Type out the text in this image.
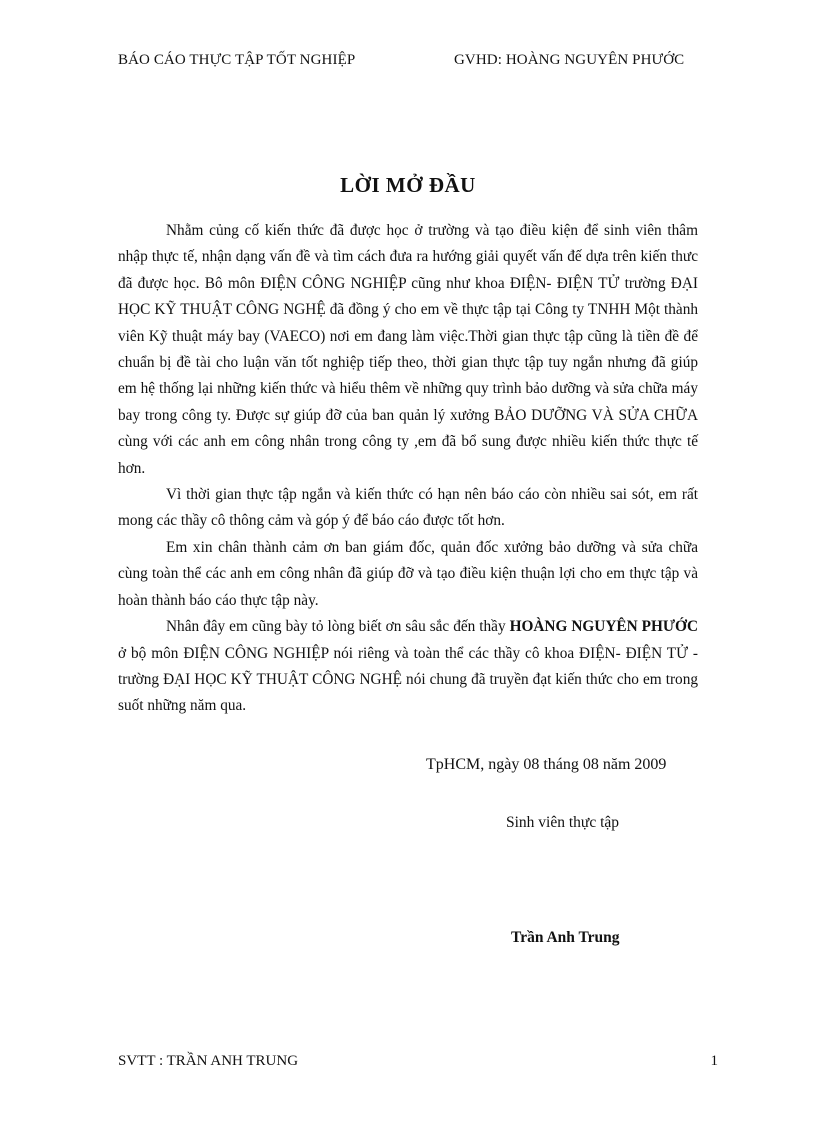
BÁO CÁO THỰC TẬP TỐT NGHIỆP	GVHD: HOÀNG NGUYÊN PHƯỚC
LỜI MỞ ĐẦU

Nhằm củng cố kiến thức đã được học ở trường và tạo điều kiện để sinh viên thâm nhập thực tế, nhận dạng vấn đề và tìm cách đưa ra hướng giải quyết vấn đế dựa trên kiến thưc đã được học. Bô môn ĐIỆN CÔNG NGHIỆP cũng như khoa ĐIỆN- ĐIỆN TỬ trường ĐẠI HỌC KỸ THUẬT CÔNG NGHỆ đã đồng ý cho em về thực tập tại Công ty TNHH Một thành viên Kỹ thuật máy bay (VAECO) nơi em đang làm việc.Thời gian thực tập cũng là tiền đề để chuẩn bị đề tài cho luận văn tốt nghiệp tiếp theo, thời gian thực tập tuy ngắn nhưng đã giúp em hệ thống lại những kiến thức và hiểu thêm về những quy trình bảo dưỡng và sửa chữa máy bay trong công ty. Được sự giúp đỡ của ban quản lý xưởng BẢO DƯỠNG VÀ SỬA CHỮA cùng với các anh em công nhân trong công ty ,em đã bổ sung được nhiều kiến thức thực tế hơn.

Vì thời gian thực tập ngắn và kiến thức có hạn nên báo cáo còn nhiều sai sót, em rất mong các thầy cô thông cảm và góp ý để báo cáo được tốt hơn.

Em xin chân thành cảm ơn ban giám đốc, quản đốc xưởng bảo dưỡng và sửa chữa cùng toàn thể các anh em công nhân đã giúp đỡ và tạo điều kiện thuận lợi cho em thực tập và hoàn thành báo cáo thực tập này.

Nhân đây em cũng bày tỏ lòng biết ơn sâu sắc đến thầy HOÀNG NGUYÊN PHƯỚC ở bộ môn ĐIỆN CÔNG NGHIỆP nói riêng và toàn thể các thầy cô khoa ĐIỆN- ĐIỆN TỬ - trường ĐẠI HỌC KỸ THUẬT CÔNG NGHỆ nói chung đã truyền đạt kiến thức cho em trong suốt những năm qua.

TpHCM, ngày 08 tháng 08 năm 2009
Sinh viên thực tập
Trần Anh Trung
SVTT : TRẦN ANH TRUNG	1
